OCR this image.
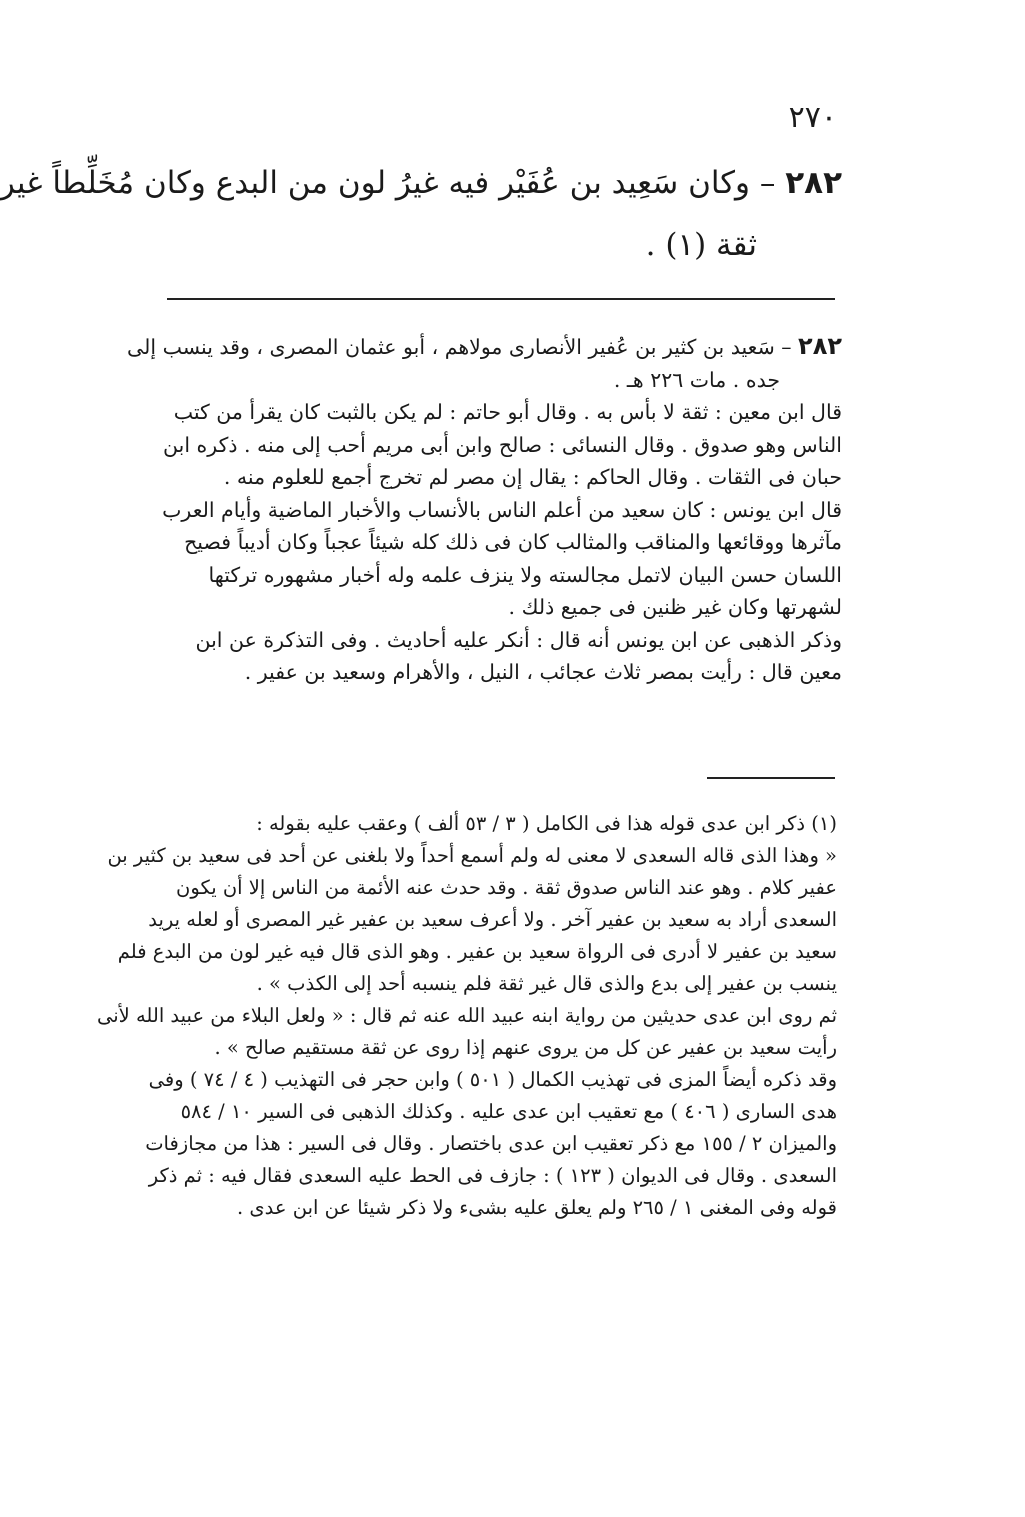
٢٧٠
٢٨٢ – وكان سَعِيد بن عُفَيْر فيه غيرُ لون من البدع وكان مُخَلِّطاً غير
ثقة (١) .
٢٨٢ – سَعيد بن كثير بن عُفير الأنصارى مولاهم ، أبو عثمان المصرى ، وقد ينسب إلى
جده . مات ٢٢٦ هـ .
قال ابن معين : ثقة لا بأس به . وقال أبو حاتم : لم يكن بالثبت كان يقرأ من كتب
الناس وهو صدوق . وقال النسائى : صالح وابن أبى مريم أحب إلى منه . ذكره ابن
حبان فى الثقات . وقال الحاكم : يقال إن مصر لم تخرج أجمع للعلوم منه .
قال ابن يونس : كان سعيد من أعلم الناس بالأنساب والأخبار الماضية وأيام العرب
مآثرها ووقائعها والمناقب والمثالب كان فى ذلك كله شيئاً عجباً وكان أديباً فصيح
اللسان حسن البيان لاتمل مجالسته ولا ينزف علمه وله أخبار مشهوره تركتها
لشهرتها وكان غير ظنين فى جميع ذلك .
وذكر الذهبى عن ابن يونس أنه قال : أنكر عليه أحاديث . وفى التذكرة عن ابن
معين قال : رأيت بمصر ثلاث عجائب ، النيل ، والأهرام وسعيد بن عفير .
(١) ذكر ابن عدى قوله هذا فى الكامل ( ٣ / ٥٣ ألف ) وعقب عليه بقوله :
« وهذا الذى قاله السعدى لا معنى له ولم أسمع أحداً ولا بلغنى عن أحد فى سعيد بن كثير بن
عفير كلام . وهو عند الناس صدوق ثقة . وقد حدث عنه الأئمة من الناس إلا أن يكون
السعدى أراد به سعيد بن عفير آخر . ولا أعرف سعيد بن عفير غير المصرى أو لعله يريد
سعيد بن عفير لا أدرى فى الرواة سعيد بن عفير . وهو الذى قال فيه غير لون من البدع فلم
ينسب بن عفير إلى بدع والذى قال غير ثقة فلم ينسبه أحد إلى الكذب » .
ثم روى ابن عدى حديثين من رواية ابنه عبيد الله عنه ثم قال : « ولعل البلاء من عبيد الله لأنى
رأيت سعيد بن عفير عن كل من يروى عنهم إذا روى عن ثقة مستقيم صالح » .
وقد ذكره أيضاً المزى فى تهذيب الكمال ( ٥٠١ ) وابن حجر فى التهذيب ( ٤ / ٧٤ ) وفى
هدى السارى ( ٤٠٦ ) مع تعقيب ابن عدى عليه . وكذلك الذهبى فى السير ١٠ / ٥٨٤
والميزان ٢ / ١٥٥ مع ذكر تعقيب ابن عدى باختصار . وقال فى السير : هذا من مجازفات
السعدى . وقال فى الديوان ( ١٢٣ ) : جازف فى الحط عليه السعدى فقال فيه : ثم ذكر
قوله وفى المغنى ١ / ٢٦٥ ولم يعلق عليه بشىء ولا ذكر شيئا عن ابن عدى .
